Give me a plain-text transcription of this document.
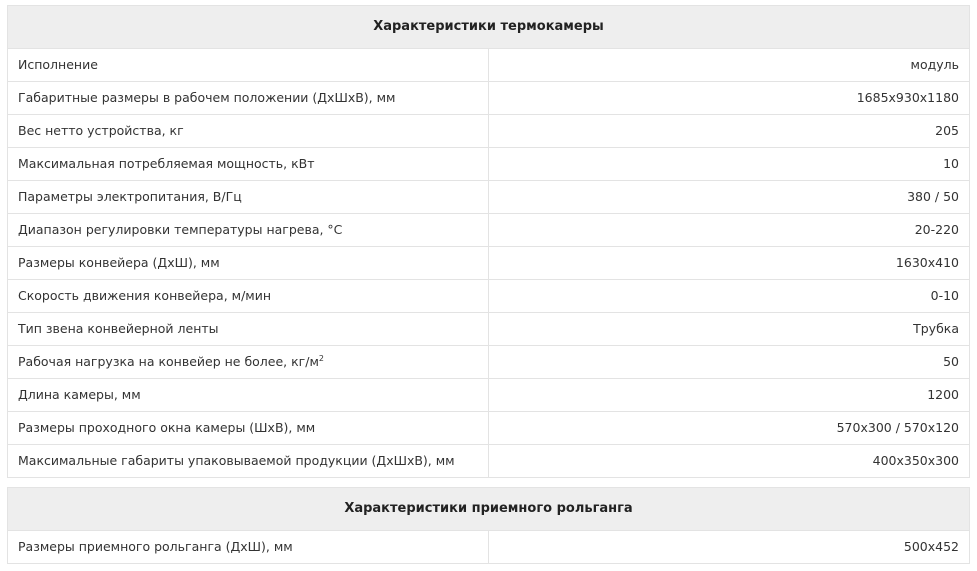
Характеристики термокамеры	
Исполнение	модуль
Габаритные размеры в рабочем положении (ДхШхВ), мм	1685x930x1180
Вес нетто устройства, кг	205
Максимальная потребляемая мощность, кВт	10
Параметры электропитания, В/Гц	380 / 50
Диапазон регулировки температуры нагрева, °С	20-220
Размеры конвейера (ДхШ), мм	1630x410
Скорость движения конвейера, м/мин	0-10
Тип звена конвейерной ленты	Трубка
Рабочая нагрузка на конвейер не более, $кг/м^2$	50
Длина камеры, мм	1200
Размеры проходного окна камеры (ШхВ), мм	570x300 / 570x120
Максимальные габариты упаковываемой продукции (ДхШхВ), мм	400x350x300
Характеристики приемного рольганга
Размеры приемного рольганга (ДхШ), мм	500x452
